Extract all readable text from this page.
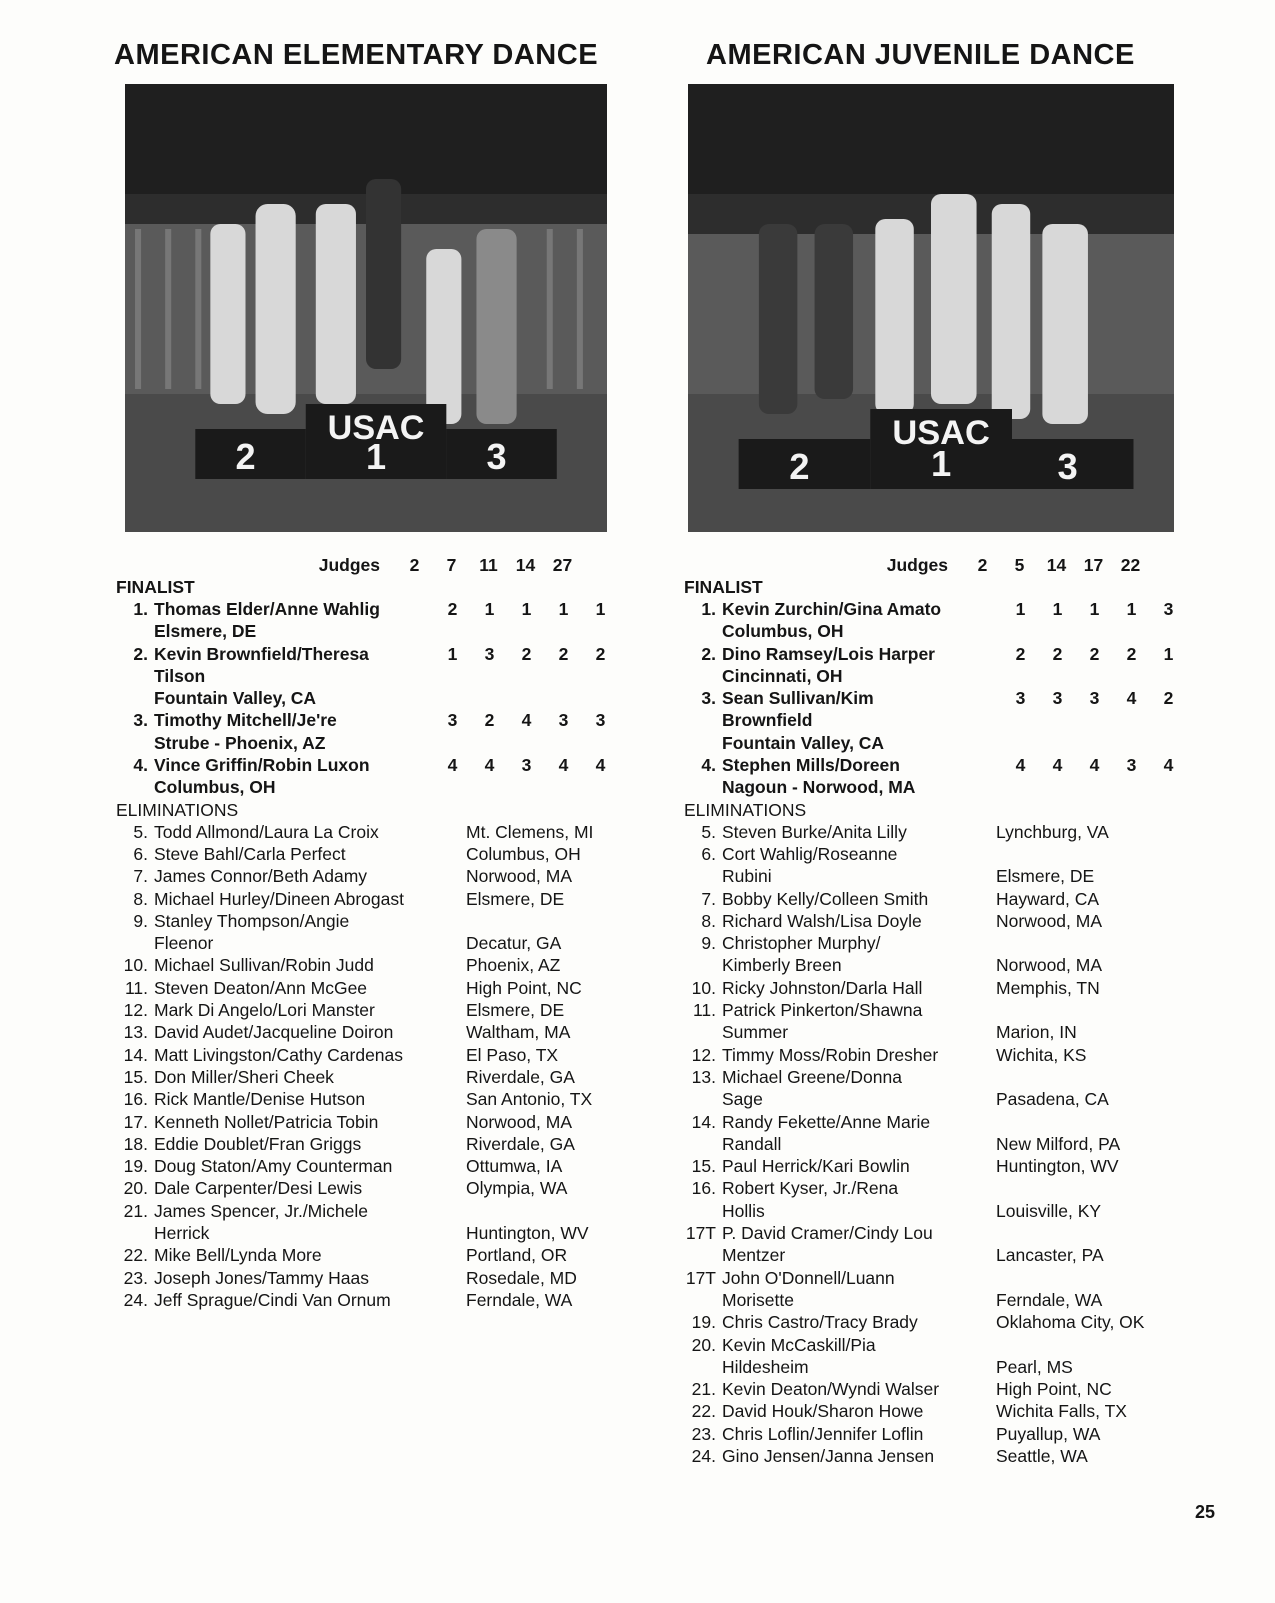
AMERICAN ELEMENTARY DANCE
2	1	3
USAC
Judges	2	7	11	14	27
FINALIST
1. Thomas Elder/Anne Wahlig
Elsmere, DE
2	1	1	1	1
2. Kevin Brownfield/Theresa
Tilson
Fountain Valley, CA
1	3	2	2	2
3. Timothy Mitchell/Je're
Strube - Phoenix, AZ
3	2	4	3	3
4. Vince Griffin/Robin Luxon
Columbus, OH
4	4	3	4	4
ELIMINATIONS
5. Todd Allmond/Laura La Croix	Mt. Clemens, MI
6. Steve Bahl/Carla Perfect	Columbus, OH
7. James Connor/Beth Adamy	Norwood, MA
8. Michael Hurley/Dineen Abrogast	Elsmere, DE
9. Stanley Thompson/Angie
Fleenor	Decatur, GA
10. Michael Sullivan/Robin Judd	Phoenix, AZ
11. Steven Deaton/Ann McGee	High Point, NC
12. Mark Di Angelo/Lori Manster	Elsmere, DE
13. David Audet/Jacqueline Doiron	Waltham, MA
14. Matt Livingston/Cathy Cardenas	El Paso, TX
15. Don Miller/Sheri Cheek	Riverdale, GA
16. Rick Mantle/Denise Hutson	San Antonio, TX
17. Kenneth Nollet/Patricia Tobin	Norwood, MA
18. Eddie Doublet/Fran Griggs	Riverdale, GA
19. Doug Staton/Amy Counterman	Ottumwa, IA
20. Dale Carpenter/Desi Lewis	Olympia, WA
21. James Spencer, Jr./Michele
Herrick	Huntington, WV
22. Mike Bell/Lynda More	Portland, OR
23. Joseph Jones/Tammy Haas	Rosedale, MD
24. Jeff Sprague/Cindi Van Ornum	Ferndale, WA
AMERICAN JUVENILE DANCE
2	1	3
USAC
Judges	2	5	14	17	22
FINALIST
1. Kevin Zurchin/Gina Amato
Columbus, OH
1	1	1	1	3
2. Dino Ramsey/Lois Harper
Cincinnati, OH
2	2	2	2	1
3. Sean Sullivan/Kim
Brownfield
Fountain Valley, CA
3	3	3	4	2
4. Stephen Mills/Doreen
Nagoun - Norwood, MA
4	4	4	3	4
ELIMINATIONS
5. Steven Burke/Anita Lilly	Lynchburg, VA
6. Cort Wahlig/Roseanne
Rubini	Elsmere, DE
7. Bobby Kelly/Colleen Smith	Hayward, CA
8. Richard Walsh/Lisa Doyle	Norwood, MA
9. Christopher Murphy/
Kimberly Breen	Norwood, MA
10. Ricky Johnston/Darla Hall	Memphis, TN
11. Patrick Pinkerton/Shawna
Summer	Marion, IN
12. Timmy Moss/Robin Dresher	Wichita, KS
13. Michael Greene/Donna
Sage	Pasadena, CA
14. Randy Fekette/Anne Marie
Randall	New Milford, PA
15. Paul Herrick/Kari Bowlin	Huntington, WV
16. Robert Kyser, Jr./Rena
Hollis	Louisville, KY
17T P. David Cramer/Cindy Lou
Mentzer	Lancaster, PA
17T John O'Donnell/Luann
Morisette	Ferndale, WA
19. Chris Castro/Tracy Brady	Oklahoma City, OK
20. Kevin McCaskill/Pia
Hildesheim	Pearl, MS
21. Kevin Deaton/Wyndi Walser	High Point, NC
22. David Houk/Sharon Howe	Wichita Falls, TX
23. Chris Loflin/Jennifer Loflin	Puyallup, WA
24. Gino Jensen/Janna Jensen	Seattle, WA
25
